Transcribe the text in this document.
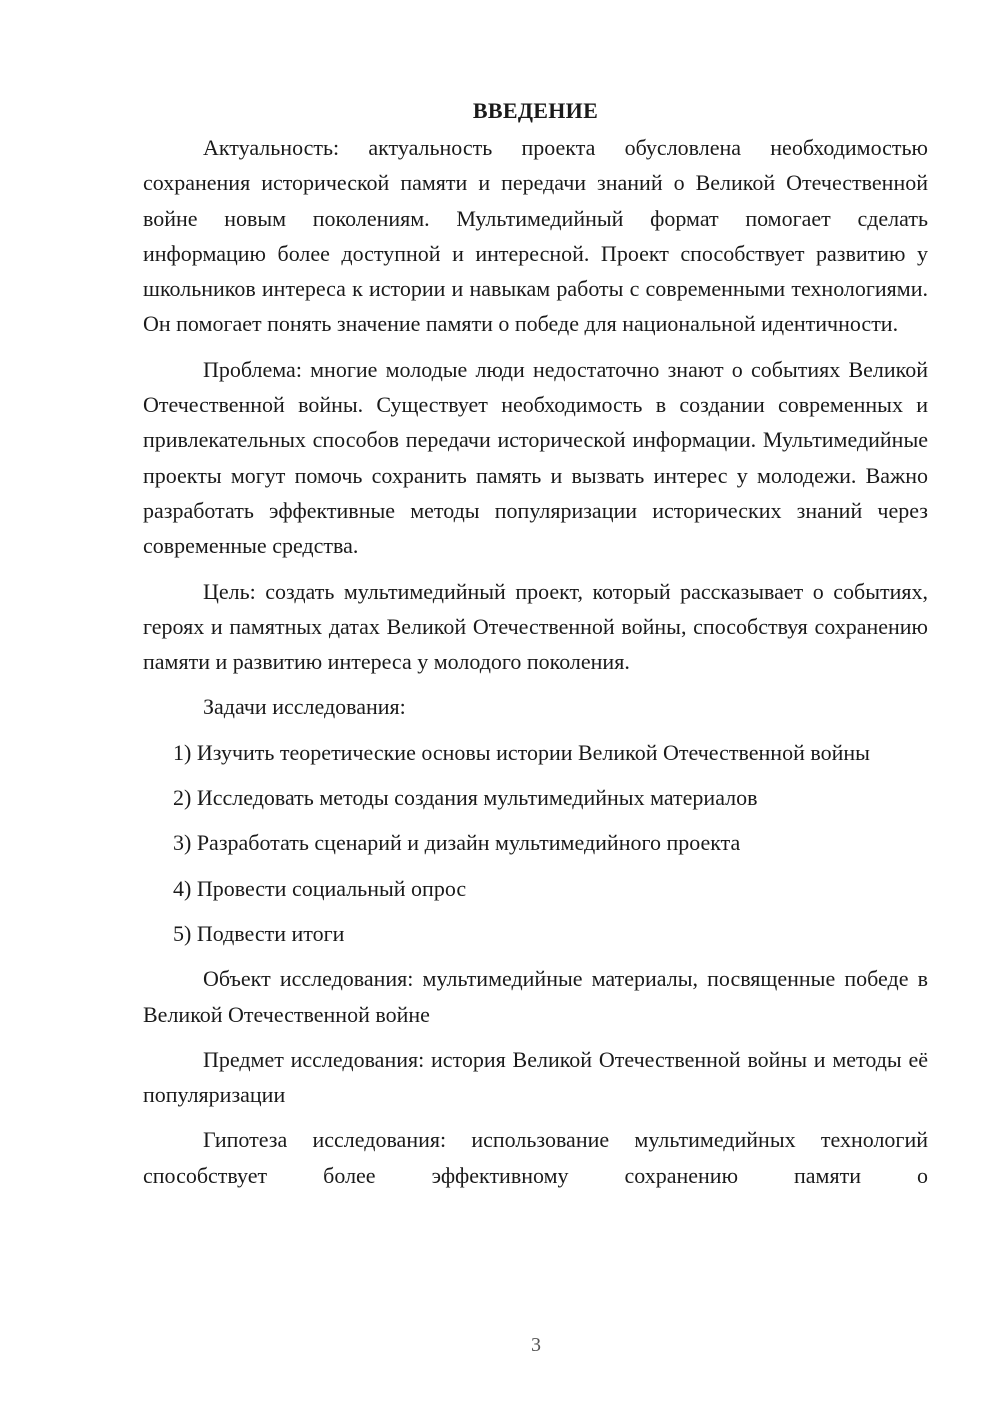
ВВЕДЕНИЕ

Актуальность: актуальность проекта обусловлена необходимостью сохранения исторической памяти и передачи знаний о Великой Отечественной войне новым поколениям. Мультимедийный формат помогает сделать информацию более доступной и интересной. Проект способствует развитию у школьников интереса к истории и навыкам работы с современными технологиями. Он помогает понять значение памяти о победе для национальной идентичности.

Проблема: многие молодые люди недостаточно знают о событиях Великой Отечественной войны. Существует необходимость в создании современных и привлекательных способов передачи исторической информации. Мультимедийные проекты могут помочь сохранить память и вызвать интерес у молодежи. Важно разработать эффективные методы популяризации исторических знаний через современные средства.

Цель: создать мультимедийный проект, который рассказывает о событиях, героях и памятных датах Великой Отечественной войны, способствуя сохранению памяти и развитию интереса у молодого поколения.

Задачи исследования:

1) Изучить теоретические основы истории Великой Отечественной войны

2) Исследовать методы создания мультимедийных материалов

3) Разработать сценарий и дизайн мультимедийного проекта

4) Провести социальный опрос

5) Подвести итоги

Объект исследования: мультимедийные материалы, посвященные победе в Великой Отечественной войне

Предмет исследования: история Великой Отечественной войны и методы её популяризации

Гипотеза исследования: использование мультимедийных технологий способствует более эффективному сохранению памяти о

3
